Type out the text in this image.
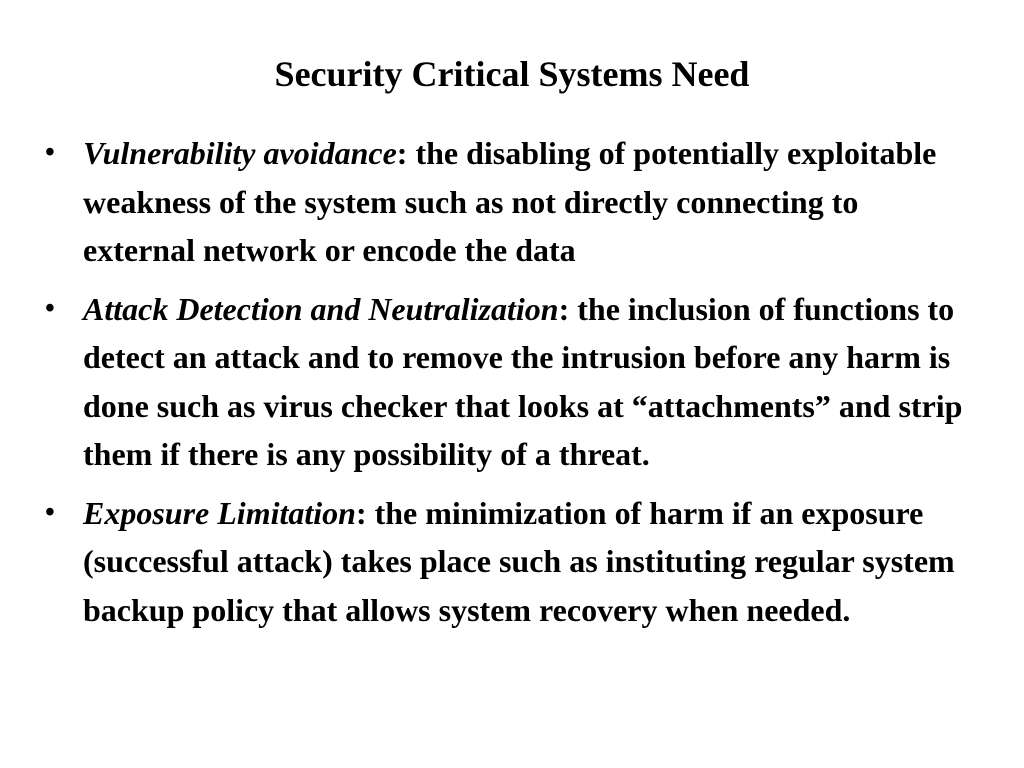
Security Critical Systems Need
• Vulnerability avoidance: the disabling of potentially exploitable weakness of the system such as not directly connecting to external network or encode the data
• Attack Detection and Neutralization: the inclusion of functions to detect an attack and to remove the intrusion before any harm is done such as virus checker that looks at “attachments” and strip them if there is any possibility of a threat.
• Exposure Limitation: the minimization of harm if an exposure (successful attack) takes place such as instituting regular system backup policy that allows system recovery when needed.
